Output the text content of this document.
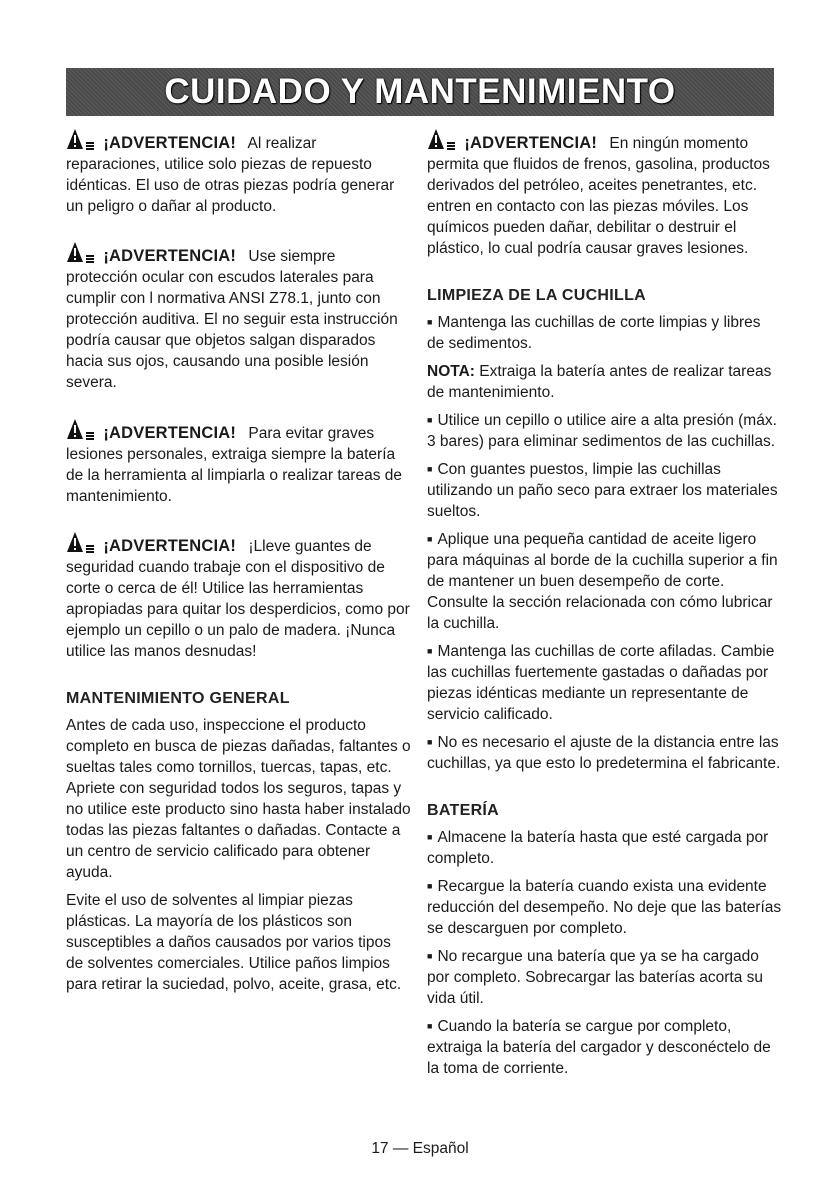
CUIDADO Y MANTENIMIENTO
¡ADVERTENCIA! Al realizar reparaciones, utilice solo piezas de repuesto idénticas. El uso de otras piezas podría generar un peligro o dañar al producto.
¡ADVERTENCIA! Use siempre protección ocular con escudos laterales para cumplir con l normativa ANSI Z78.1, junto con protección auditiva. El no seguir esta instrucción podría causar que objetos salgan disparados hacia sus ojos, causando una posible lesión severa.
¡ADVERTENCIA! Para evitar graves lesiones personales, extraiga siempre la batería de la herramienta al limpiarla o realizar tareas de mantenimiento.
¡ADVERTENCIA! ¡Lleve guantes de seguridad cuando trabaje con el dispositivo de corte o cerca de él! Utilice las herramientas apropiadas para quitar los desperdicios, como por ejemplo un cepillo o un palo de madera. ¡Nunca utilice las manos desnudas!
MANTENIMIENTO GENERAL

Antes de cada uso, inspeccione el producto completo en busca de piezas dañadas, faltantes o sueltas tales como tornillos, tuercas, tapas, etc. Apriete con seguridad todos los seguros, tapas y no utilice este producto sino hasta haber instalado todas las piezas faltantes o dañadas. Contacte a un centro de servicio calificado para obtener ayuda.

Evite el uso de solventes al limpiar piezas plásticas. La mayoría de los plásticos son susceptibles a daños causados por varios tipos de solventes comerciales. Utilice paños limpios para retirar la suciedad, polvo, aceite, grasa, etc.

¡ADVERTENCIA! En ningún momento permita que fluidos de frenos, gasolina, productos derivados del petróleo, aceites penetrantes, etc. entren en contacto con las piezas móviles. Los químicos pueden dañar, debilitar o destruir el plástico, lo cual podría causar graves lesiones.
LIMPIEZA DE LA CUCHILLA

■ Mantenga las cuchillas de corte limpias y libres de sedimentos.

NOTA: Extraiga la batería antes de realizar tareas de mantenimiento.

■ Utilice un cepillo o utilice aire a alta presión (máx. 3 bares) para eliminar sedimentos de las cuchillas.

■ Con guantes puestos, limpie las cuchillas utilizando un paño seco para extraer los materiales sueltos.

■ Aplique una pequeña cantidad de aceite ligero para máquinas al borde de la cuchilla superior a fin de mantener un buen desempeño de corte. Consulte la sección relacionada con cómo lubricar la cuchilla.

■ Mantenga las cuchillas de corte afiladas. Cambie las cuchillas fuertemente gastadas o dañadas por piezas idénticas mediante un representante de servicio calificado.

■ No es necesario el ajuste de la distancia entre las cuchillas, ya que esto lo predetermina el fabricante.

BATERÍA

■ Almacene la batería hasta que esté cargada por completo.

■ Recargue la batería cuando exista una evidente reducción del desempeño. No deje que las baterías se descarguen por completo.

■ No recargue una batería que ya se ha cargado por completo. Sobrecargar las baterías acorta su vida útil.

■ Cuando la batería se cargue por completo, extraiga la batería del cargador y desconéctelo de la toma de corriente.

17 — Español
